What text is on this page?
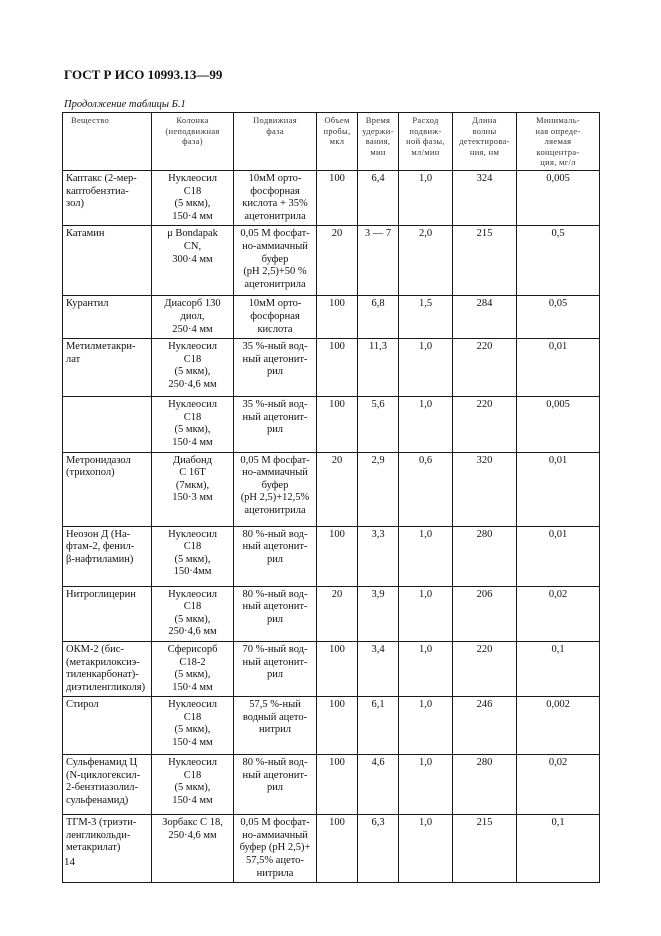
ГОСТ Р ИСО 10993.13—99
Продолжение таблицы Б.1
Вещество	Колонка
(неподвижная
фаза)	Подвижная
фаза	Объем
пробы,
мкл	Время
удержи-
вания,
мин	Расход
подвиж-
ной фазы,
мл/мин	Длина
волны
детектирова-
ния, нм	Минималь-
ная опреде-
ляемая
концентра-
ция, мг/л
Каптакс (2-мер-
каптобензтиа-
зол)	Нуклеосил
С18
(5 мкм),
150·4 мм	10мМ орто-
фосфорная
кислота + 35%
ацетонитрила	100	6,4	1,0	324	0,005
Катамин	μ Bondapak
CN,
300·4 мм	0,05 М фосфат-
но-аммиачный
буфер
(рН 2,5)+50 %
ацетонитрила	20	3 — 7	2,0	215	0,5
Курантил	Диасорб 130
диол,
250·4 мм	10мМ орто-
фосфорная
кислота	100	6,8	1,5	284	0,05
Метилметакри-
лат	Нуклеосил
С18
(5 мкм),
250·4,6 мм	35 %-ный вод-
ный ацетонит-
рил	100	11,3	1,0	220	0,01
	Нуклеосил
С18
(5 мкм),
150·4 мм	35 %-ный вод-
ный ацетонит-
рил	100	5,6	1,0	220	0,005
Метронидазол
(трихопол)	Диабонд
С 16Т
(7мкм),
150·3 мм	0,05 М фосфат-
но-аммиачный
буфер
(рН 2,5)+12,5%
ацетонитрила	20	2,9	0,6	320	0,01
Неозон Д (На-
фтам-2, фенил-
β-нафтиламин)	Нуклеосил
С18
(5 мкм),
150·4мм	80 %-ный вод-
ный ацетонит-
рил	100	3,3	1,0	280	0,01
Нитроглицерин	Нуклеосил
С18
(5 мкм),
250·4,6 мм	80 %-ный вод-
ный ацетонит-
рил	20	3,9	1,0	206	0,02
ОКМ-2 (бис-
(метакрилоксиэ-
тиленкарбонат)-
диэтиленгликоля)	Сферисорб
С18-2
(5 мкм),
150·4 мм	70 %-ный вод-
ный ацетонит-
рил	100	3,4	1,0	220	0,1
Стирол	Нуклеосил
С18
(5 мкм),
150·4 мм	57,5 %-ный
водный ацето-
нитрил	100	6,1	1,0	246	0,002
Сульфенамид Ц
(N-циклогексил-
2-бензтиазолил-
сульфенамид)	Нуклеосил
С18
(5 мкм),
150·4 мм	80 %-ный вод-
ный ацетонит-
рил	100	4,6	1,0	280	0,02
ТГМ-3 (триэти-
ленгликольди-
метакрилат)	Зорбакс С 18,
250·4,6 мм	0,05 М фосфат-
но-аммиачный
буфер (рН 2,5)+
57,5% ацето-
нитрила	100	6,3	1,0	215	0,1
14
